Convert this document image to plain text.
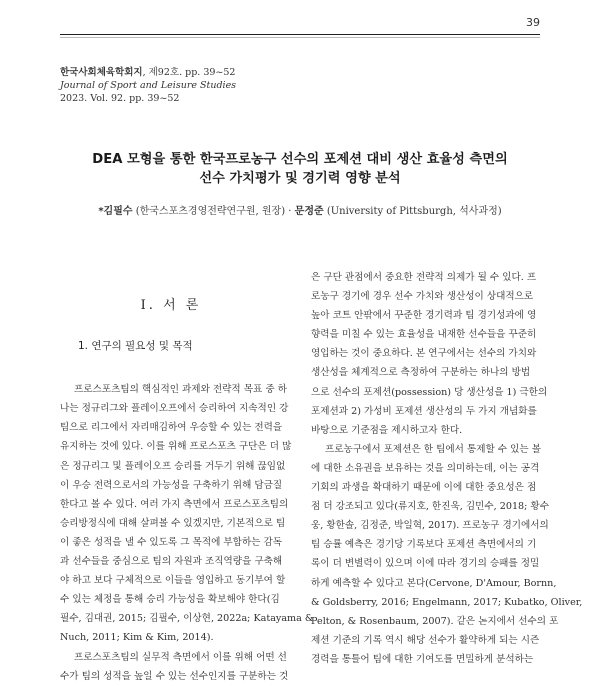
39
한국사회체육학회지, 제92호. pp. 39~52
Journal of Sport and Leisure Studies
2023. Vol. 92. pp. 39~52
DEA 모형을 통한 한국프로농구 선수의 포제션 대비 생산 효율성 측면의
선수 가치평가 및 경기력 영향 분석
*김필수 (한국스포츠경영전략연구원, 원장) · 문정준 (University of Pittsburgh, 석사과정)
I. 서 론
1. 연구의 필요성 및 목적
프로스포츠팀의 핵심적인 과제와 전략적 목표 중 하
나는 정규리그와 플레이오프에서 승리하여 지속적인 강
팀으로 리그에서 자리매김하여 우승할 수 있는 전력을
유지하는 것에 있다. 이를 위해 프로스포츠 구단은 더 많
은 정규리그 및 플레이오프 승리를 거두기 위해 끊임없
이 우승 전력으로서의 가능성을 구축하기 위해 담금질
한다고 볼 수 있다. 여러 가지 측면에서 프로스포츠팀의
승리방정식에 대해 살펴볼 수 있겠지만, 기본적으로 팀
이 좋은 성적을 낼 수 있도록 그 목적에 부합하는 감독
과 선수들을 중심으로 팀의 자원과 조직역량을 구축해
야 하고 보다 구체적으로 이들을 영입하고 동기부여 할
수 있는 체정을 통해 승리 가능성을 확보해야 한다(김
필수, 김대권, 2015; 김필수, 이상현, 2022a; Katayama &
Nuch, 2011; Kim & Kim, 2014).
프로스포츠팀의 실무적 측면에서 이를 위해 어떤 선
수가 팀의 성적을 높일 수 있는 선수인지를 구분하는 것
은 구단 관점에서 중요한 전략적 의제가 될 수 있다. 프
로농구 경기에 경우 선수 가치와 생산성이 상대적으로
높아 코트 안팎에서 꾸준한 경기력과 팀 경기성과에 영
향력을 미칠 수 있는 효율성을 내재한 선수들을 꾸준히
영입하는 것이 중요하다. 본 연구에서는 선수의 가치와
생산성을 체계적으로 측정하여 구분하는 하나의 방법
으로 선수의 포제션(possession) 당 생산성을 1) 극한의
포제션과 2) 가성비 포제션 생산성의 두 가지 개념화를
바탕으로 기준점을 제시하고자 한다.
프로농구에서 포제션은 한 팀에서 통제할 수 있는 볼
에 대한 소유권을 보유하는 것을 의미하는데, 이는 공격
기회의 과생을 확대하기 때문에 이에 대한 중요성은 점
점 더 강조되고 있다(류지호, 한진욱, 김민수, 2018; 황수
웅, 황한솔, 김정준, 박일혁, 2017). 프로농구 경기에서의
팀 승률 예측은 경기당 기록보다 포제션 측면에서의 기
록이 더 변별력이 있으며 이에 따라 경기의 승패를 정밀
하게 예측할 수 있다고 본다(Cervone, D'Amour, Bornn,
& Goldsberry, 2016; Engelmann, 2017; Kubatko, Oliver,
Pelton, & Rosenbaum, 2007). 같은 논지에서 선수의 포
제션 기준의 기록 역시 해당 선수가 활약하게 되는 시즌
경력을 통틀어 팀에 대한 기여도를 면밀하게 분석하는
